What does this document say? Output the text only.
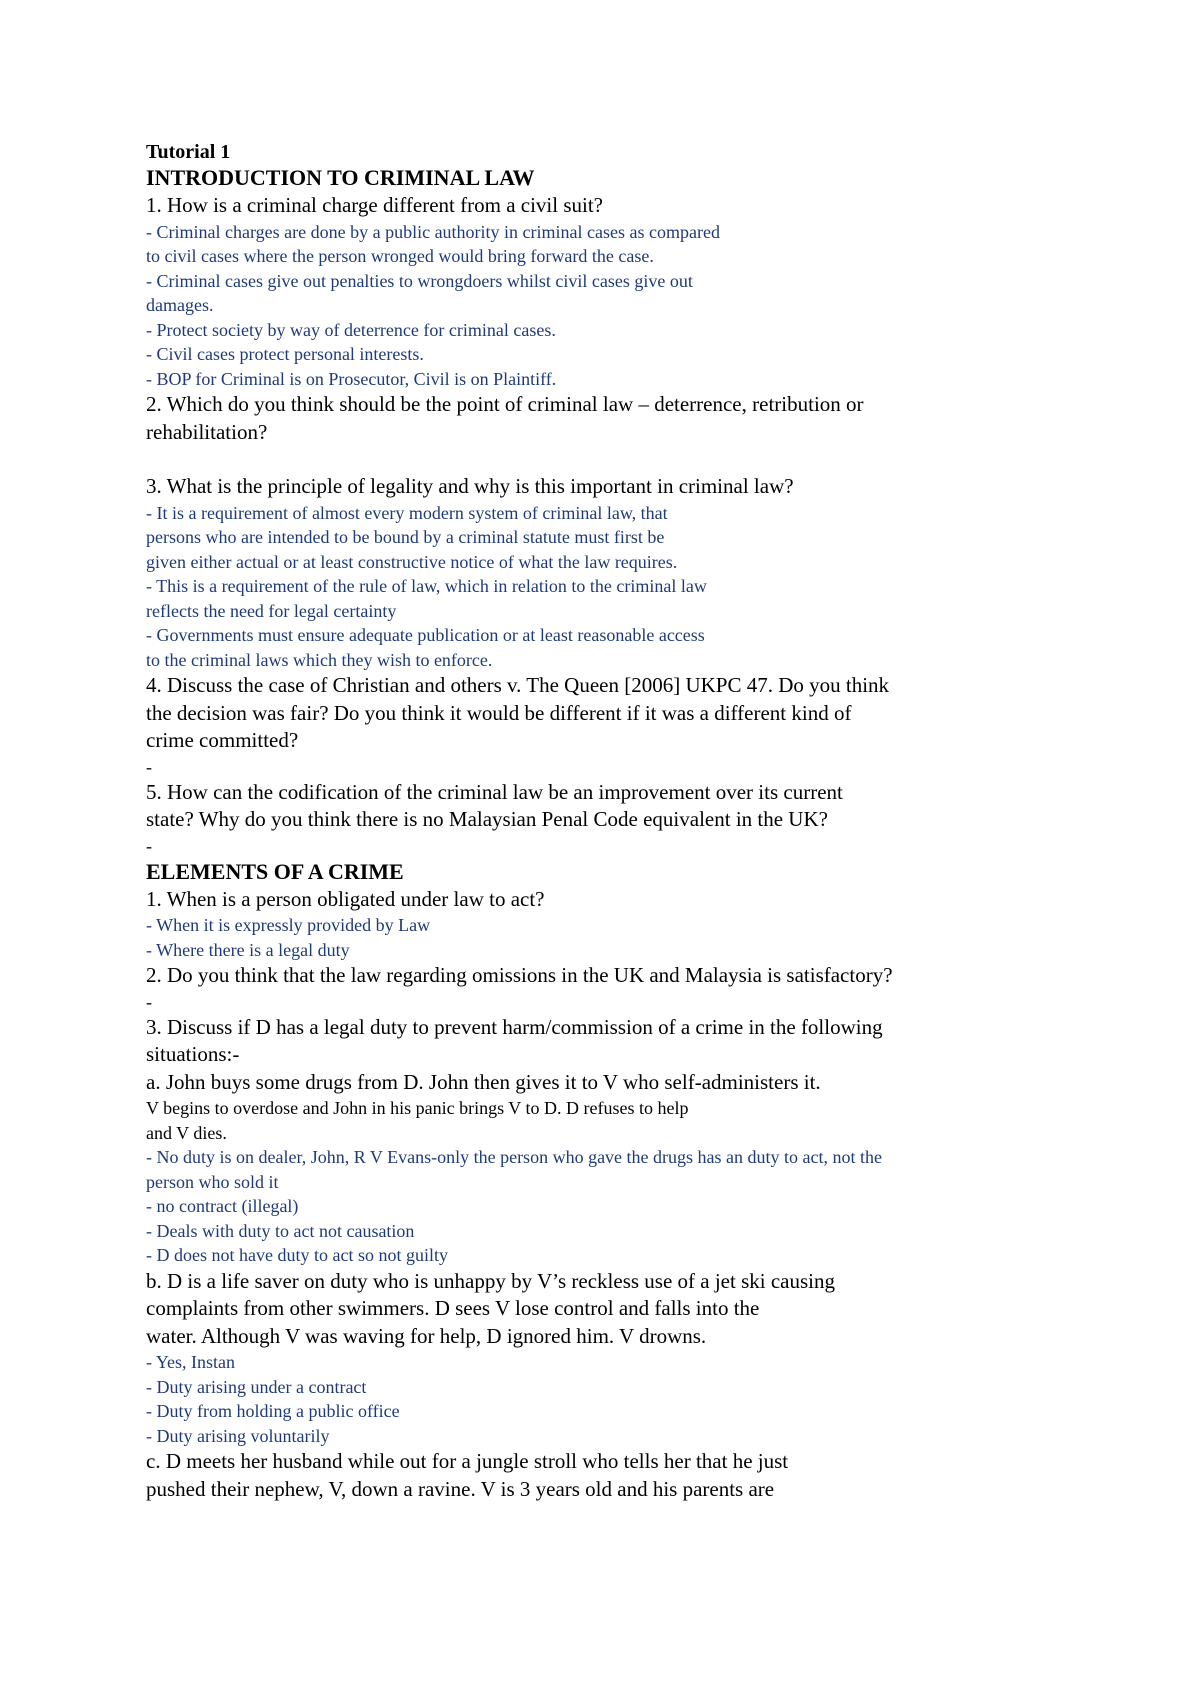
Tutorial 1
INTRODUCTION TO CRIMINAL LAW
1. How is a criminal charge different from a civil suit?
- Criminal charges are done by a public authority in criminal cases as compared
to civil cases where the person wronged would bring forward the case.
- Criminal cases give out penalties to wrongdoers whilst civil cases give out
damages.
- Protect society by way of deterrence for criminal cases.
- Civil cases protect personal interests.
- BOP for Criminal is on Prosecutor, Civil is on Plaintiff.
2. Which do you think should be the point of criminal law – deterrence, retribution or
rehabilitation?
3. What is the principle of legality and why is this important in criminal law?
- It is a requirement of almost every modern system of criminal law, that
persons who are intended to be bound by a criminal statute must first be
given either actual or at least constructive notice of what the law requires.
- This is a requirement of the rule of law, which in relation to the criminal law
reflects the need for legal certainty
- Governments must ensure adequate publication or at least reasonable access
to the criminal laws which they wish to enforce.
4. Discuss the case of Christian and others v. The Queen [2006] UKPC 47. Do you think
the decision was fair? Do you think it would be different if it was a different kind of
crime committed?
-
5. How can the codification of the criminal law be an improvement over its current
state? Why do you think there is no Malaysian Penal Code equivalent in the UK?
-
ELEMENTS OF A CRIME
1. When is a person obligated under law to act?
- When it is expressly provided by Law
- Where there is a legal duty
2. Do you think that the law regarding omissions in the UK and Malaysia is satisfactory?
-
3. Discuss if D has a legal duty to prevent harm/commission of a crime in the following
situations:-
a. John buys some drugs from D. John then gives it to V who self-administers it.
V begins to overdose and John in his panic brings V to D. D refuses to help
and V dies.
- No duty is on dealer, John, R V Evans-only the person who gave the drugs has an duty to act, not the
person who sold it
- no contract (illegal)
- Deals with duty to act not causation
- D does not have duty to act so not guilty
b. D is a life saver on duty who is unhappy by V’s reckless use of a jet ski causing
complaints from other swimmers. D sees V lose control and falls into the
water. Although V was waving for help, D ignored him. V drowns.
- Yes, Instan
- Duty arising under a contract
- Duty from holding a public office
- Duty arising voluntarily
c. D meets her husband while out for a jungle stroll who tells her that he just
pushed their nephew, V, down a ravine. V is 3 years old and his parents are
